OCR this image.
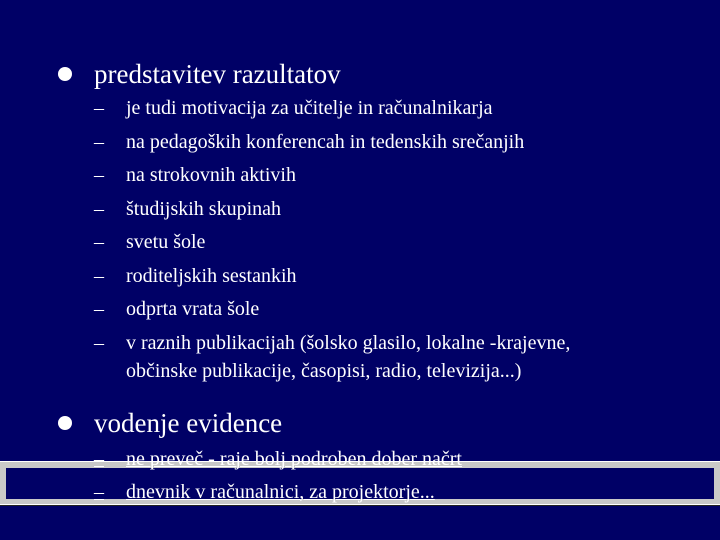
predstavitev razultatov
–	je tudi motivacija za učitelje in računalnikarja
–	na pedagoških konferencah in tedenskih srečanjih
–	na strokovnih aktivih
–	študijskih skupinah
–	svetu šole
–	roditeljskih sestankih
–	odprta vrata šole
–	v raznih publikacijah (šolsko glasilo, lokalne -krajevne,
občinske publikacije, časopisi, radio, televizija...)
vodenje evidence
–	ne preveč - raje bolj podroben dober načrt
–	dnevnik v računalnici, za projektorje...
